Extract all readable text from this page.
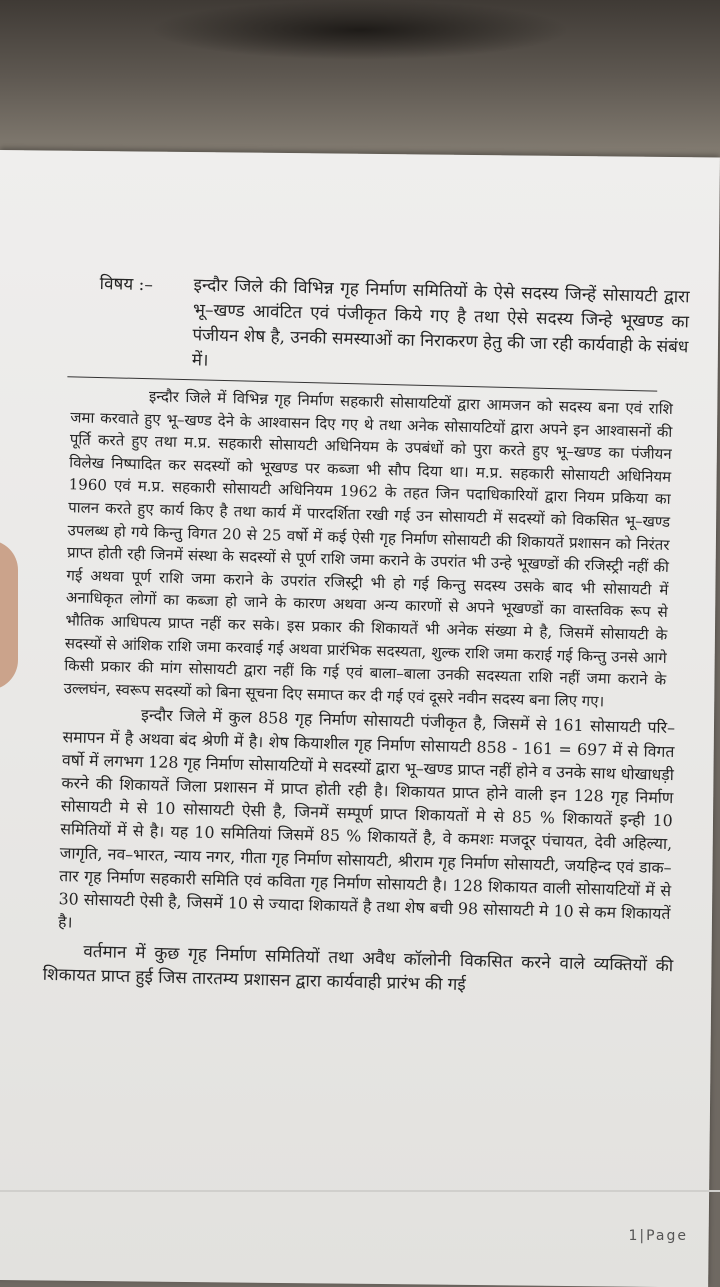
विषय :–	इन्दौर जिले की विभिन्न गृह निर्माण समितियों के ऐसे सदस्य जिन्हें सोसायटी द्वारा भू–खण्ड आवंटित एवं पंजीकृत किये गए है तथा ऐसे सदस्य जिन्हे भूखण्ड का पंजीयन शेष है, उनकी समस्याओं का निराकरण हेतु की जा रही कार्यवाही के संबंध में।

इन्दौर जिले में विभिन्न गृह निर्माण सहकारी सोसायटियों द्वारा आमजन को सदस्य बना एवं राशि जमा करवाते हुए भू–खण्ड देने के आश्वासन दिए गए थे तथा अनेक सोसायटियों द्वारा अपने इन आश्वासनों की पूर्ति करते हुए तथा म.प्र. सहकारी सोसायटी अधिनियम के उपबंधों को पुरा करते हुए भू–खण्ड का पंजीयन विलेख निष्पादित कर सदस्यों को भूखण्ड पर कब्जा भी सौप दिया था। म.प्र. सहकारी सोसायटी अधिनियम 1960 एवं म.प्र. सहकारी सोसायटी अधिनियम 1962 के तहत जिन पदाधिकारियों द्वारा नियम प्रकिया का पालन करते हुए कार्य किए है तथा कार्य में पारदर्शिता रखी गई उन सोसायटी में सदस्यों को विकसित भू–खण्ड उपलब्ध हो गये किन्तु विगत 20 से 25 वर्षो में कई ऐसी गृह निर्माण सोसायटी की शिकायतें प्रशासन को निरंतर प्राप्त होती रही जिनमें संस्था के सदस्यों से पूर्ण राशि जमा कराने के उपरांत भी उन्हे भूखण्डों की रजिस्ट्री नहीं की गई अथवा पूर्ण राशि जमा कराने के उपरांत रजिस्ट्री भी हो गई किन्तु सदस्य उसके बाद भी सोसायटी में अनाधिकृत लोगों का कब्जा हो जाने के कारण अथवा अन्य कारणों से अपने भूखण्डों का वास्तविक रूप से भौतिक आधिपत्य प्राप्त नहीं कर सके। इस प्रकार की शिकायतें भी अनेक संख्या मे है, जिसमें सोसायटी के सदस्यों से आंशिक राशि जमा करवाई गई अथवा प्रारंभिक सदस्यता, शुल्क राशि जमा कराई गई किन्तु उनसे आगे किसी प्रकार की मांग सोसायटी द्वारा नहीं कि गई एवं बाला–बाला उनकी सदस्यता राशि नहीं जमा कराने के उल्लघंन, स्वरूप सदस्यों को बिना सूचना दिए समाप्त कर दी गई एवं दूसरे नवीन सदस्य बना लिए गए।

इन्दौर जिले में कुल 858 गृह निर्माण सोसायटी पंजीकृत है, जिसमें से 161 सोसायटी परि–समापन में है अथवा बंद श्रेणी में है। शेष कियाशील गृह निर्माण सोसायटी 858 - 161 = 697 में से विगत वर्षो में लगभग 128 गृह निर्माण सोसायटियों मे सदस्यों द्वारा भू–खण्ड प्राप्त नहीं होने व उनके साथ धोखाधड़ी करने की शिकायतें जिला प्रशासन में प्राप्त होती रही है। शिकायत प्राप्त होने वाली इन 128 गृह निर्माण सोसायटी मे से 10 सोसायटी ऐसी है, जिनमें सम्पूर्ण प्राप्त शिकायतों मे से 85 % शिकायतें इन्ही 10 समितियों में से है। यह 10 समितियां जिसमें 85 % शिकायतें है, वे कमशः मजदूर पंचायत, देवी अहिल्या, जागृति, नव–भारत, न्याय नगर, गीता गृह निर्माण सोसायटी, श्रीराम गृह निर्माण सोसायटी, जयहिन्द एवं डाक–तार गृह निर्माण सहकारी समिति एवं कविता गृह निर्माण सोसायटी है। 128 शिकायत वाली सोसायटियों में से 30 सोसायटी ऐसी है, जिसमें 10 से ज्यादा शिकायतें है तथा शेष बची 98 सोसायटी मे 10 से कम शिकायतें है।

वर्तमान में कुछ गृह निर्माण समितियों तथा अवैध कॉलोनी विकसित करने वाले व्यक्तियों की शिकायत प्राप्त हुई जिस तारतम्य प्रशासन द्वारा कार्यवाही प्रारंभ की गई

1|Page
